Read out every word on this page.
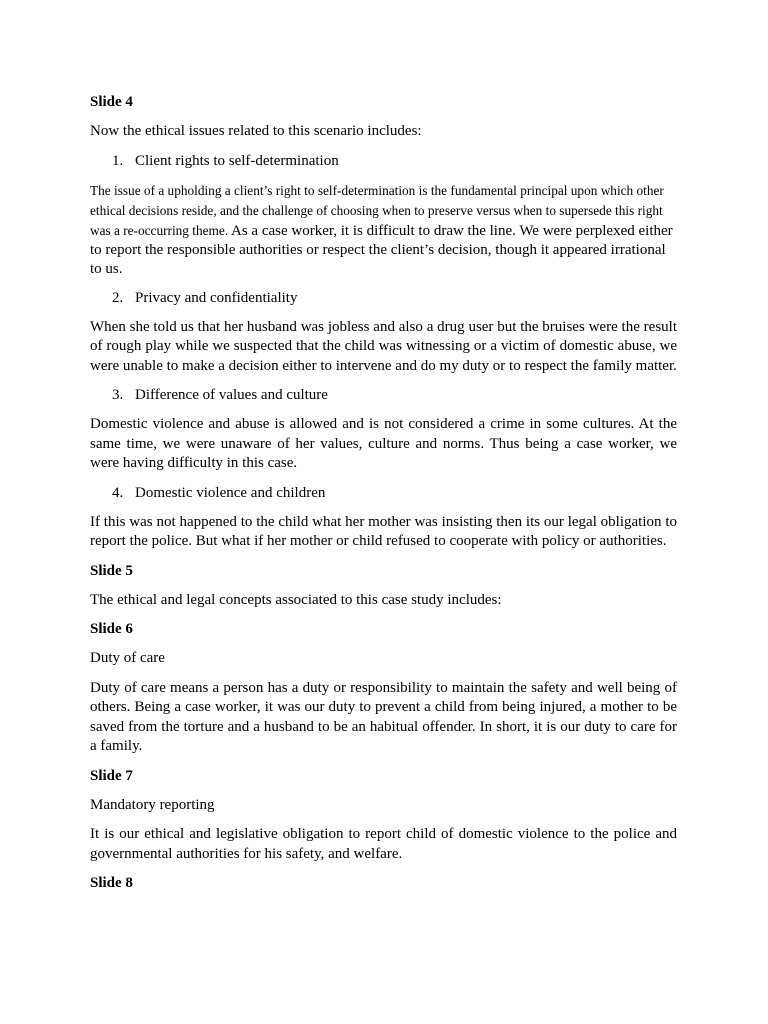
Slide 4
Now the ethical issues related to this scenario includes:
1. Client rights to self-determination
The issue of a upholding a client’s right to self-determination is the fundamental principal upon which other ethical decisions reside, and the challenge of choosing when to preserve versus when to supersede this right was a re-occurring theme. As a case worker, it is difficult to draw the line. We were perplexed either to report the responsible authorities or respect the client’s decision, though it appeared irrational to us.
2. Privacy and confidentiality
When she told us that her husband was jobless and also a drug user but the bruises were the result of rough play while we suspected that the child was witnessing or a victim of domestic abuse, we were unable to make a decision either to intervene and do my duty or to respect the family matter.
3. Difference of values and culture
Domestic violence and abuse is allowed and is not considered a crime in some cultures. At the same time, we were unaware of her values, culture and norms. Thus being a case worker, we were having difficulty in this case.
4. Domestic violence and children
If this was not happened to the child what her mother was insisting then its our legal obligation to report the police. But what if her mother or child refused to cooperate with policy or authorities.
Slide 5
The ethical and legal concepts associated to this case study includes:
Slide 6
Duty of care
Duty of care means a person has a duty or responsibility to maintain the safety and well being of others. Being a case worker, it was our duty to prevent a child from being injured, a mother to be saved from the torture and a husband to be an habitual offender. In short, it is our duty to care for a family.
Slide 7
Mandatory reporting
It is our ethical and legislative obligation to report child of domestic violence to the police and governmental authorities for his safety, and welfare.
Slide 8
